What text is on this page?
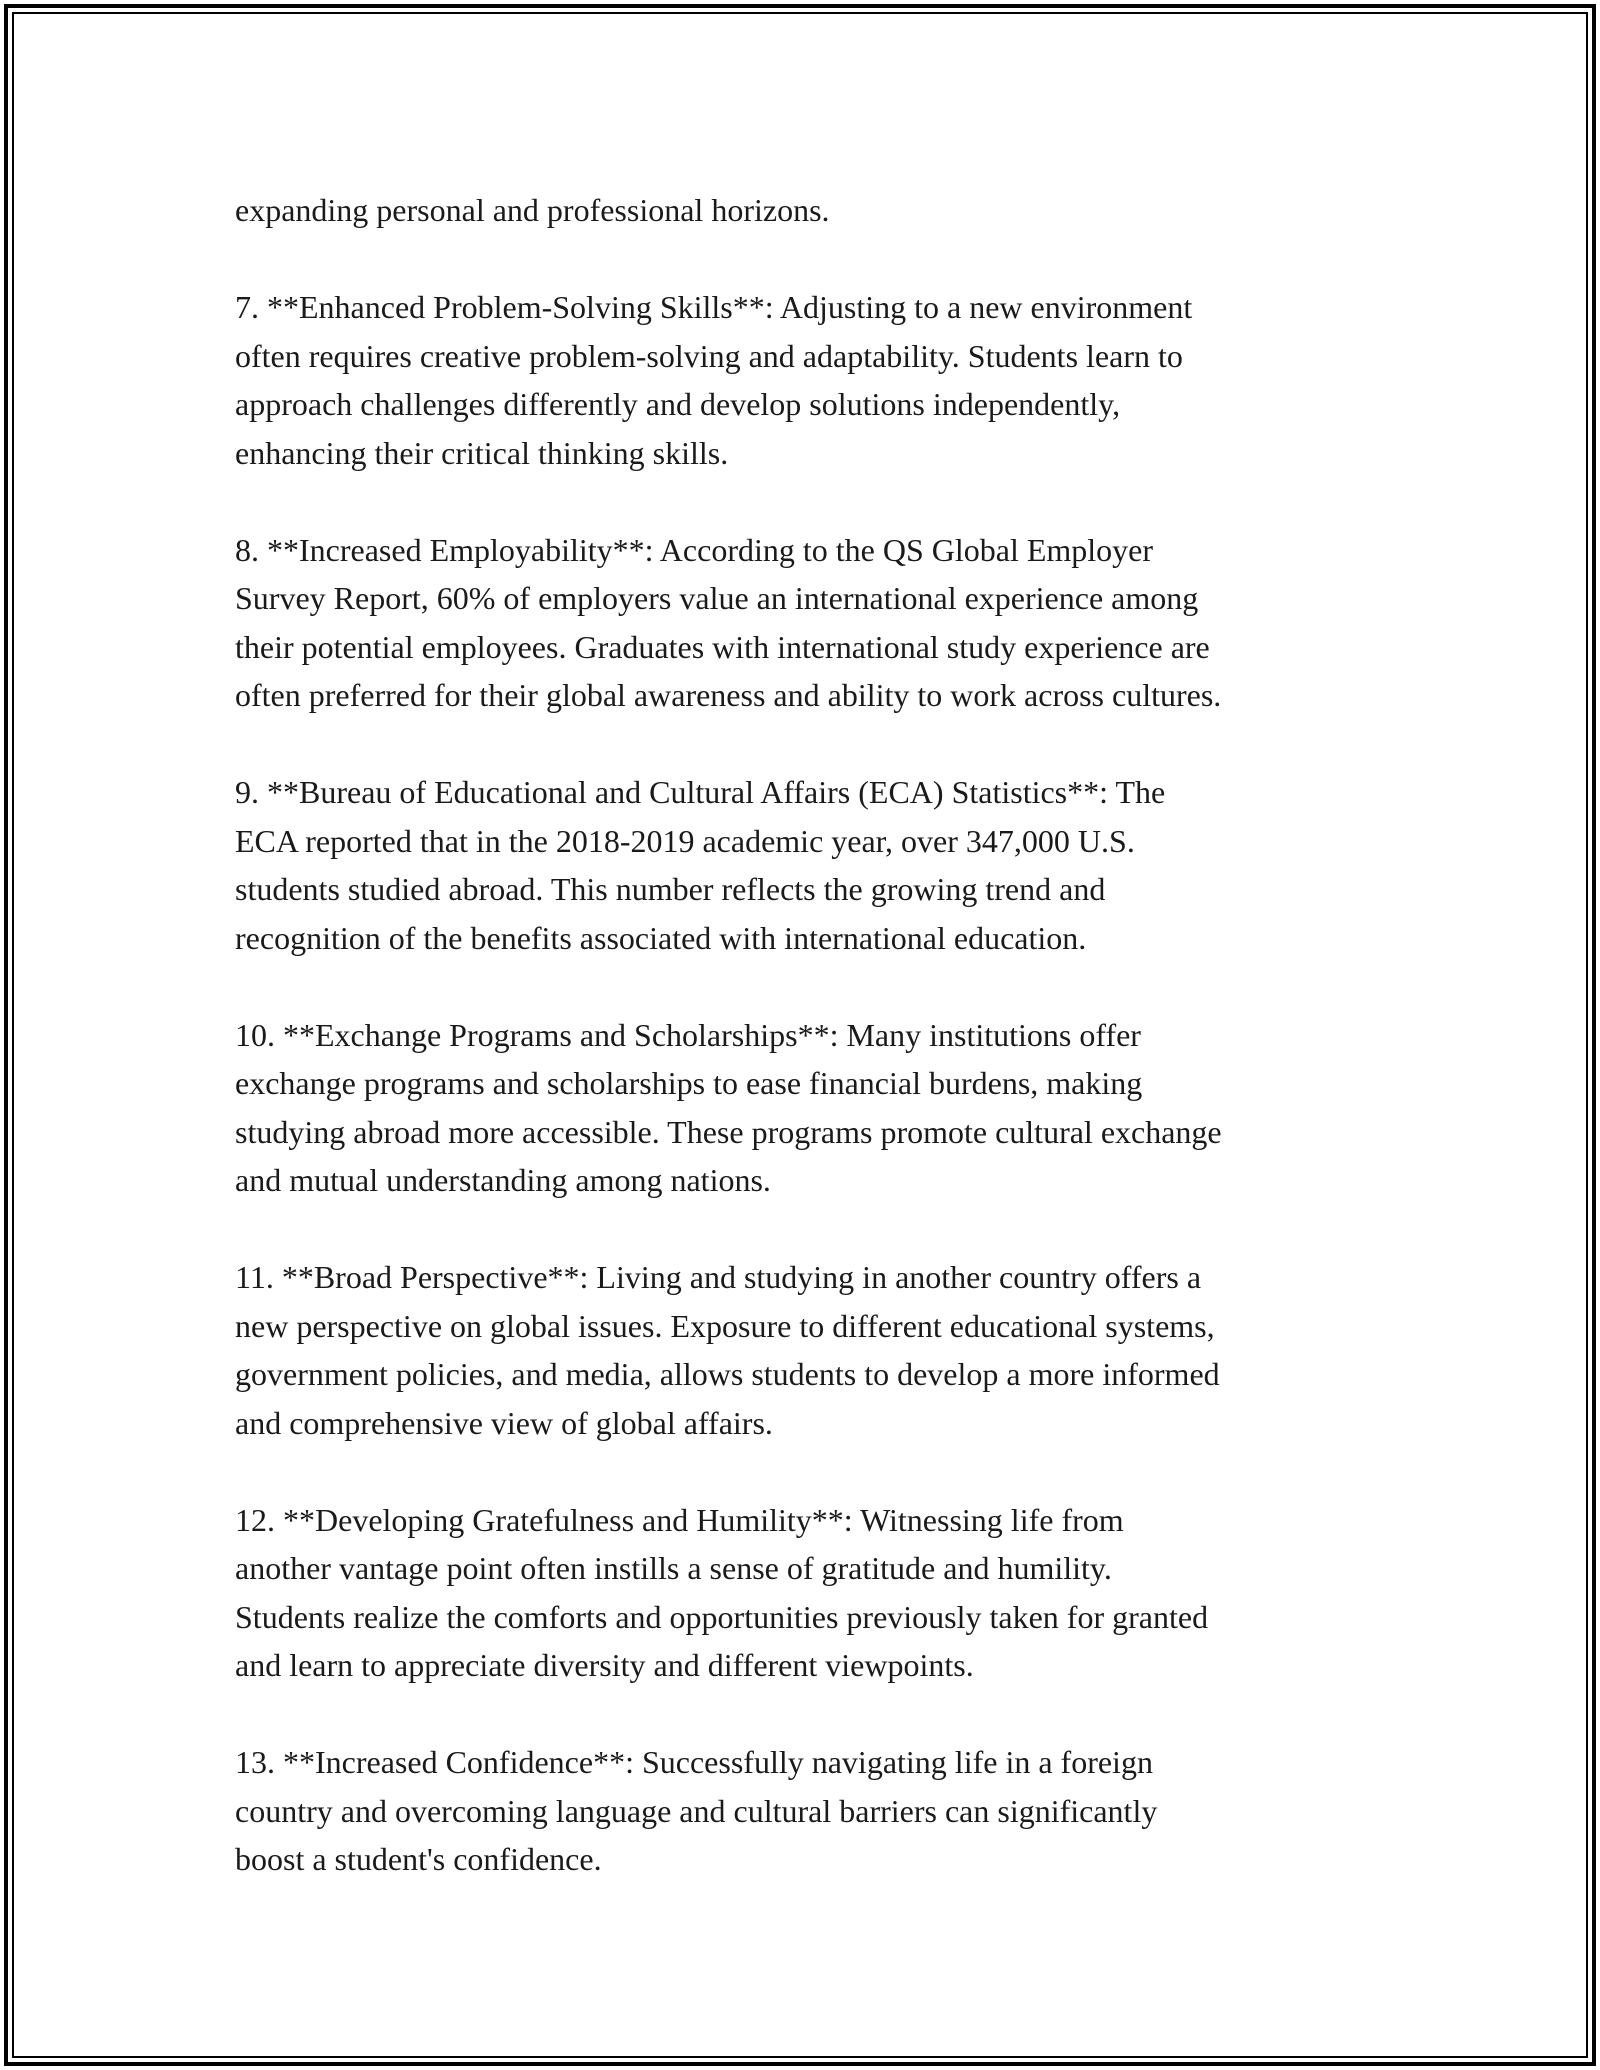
expanding personal and professional horizons.

7. **Enhanced Problem-Solving Skills**: Adjusting to a new environment
often requires creative problem-solving and adaptability. Students learn to
approach challenges differently and develop solutions independently,
enhancing their critical thinking skills.

8. **Increased Employability**: According to the QS Global Employer
Survey Report, 60% of employers value an international experience among
their potential employees. Graduates with international study experience are
often preferred for their global awareness and ability to work across cultures.

9. **Bureau of Educational and Cultural Affairs (ECA) Statistics**: The
ECA reported that in the 2018-2019 academic year, over 347,000 U.S.
students studied abroad. This number reflects the growing trend and
recognition of the benefits associated with international education.

10. **Exchange Programs and Scholarships**: Many institutions offer
exchange programs and scholarships to ease financial burdens, making
studying abroad more accessible. These programs promote cultural exchange
and mutual understanding among nations.

11. **Broad Perspective**: Living and studying in another country offers a
new perspective on global issues. Exposure to different educational systems,
government policies, and media, allows students to develop a more informed
and comprehensive view of global affairs.

12. **Developing Gratefulness and Humility**: Witnessing life from
another vantage point often instills a sense of gratitude and humility.
Students realize the comforts and opportunities previously taken for granted
and learn to appreciate diversity and different viewpoints.

13. **Increased Confidence**: Successfully navigating life in a foreign
country and overcoming language and cultural barriers can significantly
boost a student's confidence.
